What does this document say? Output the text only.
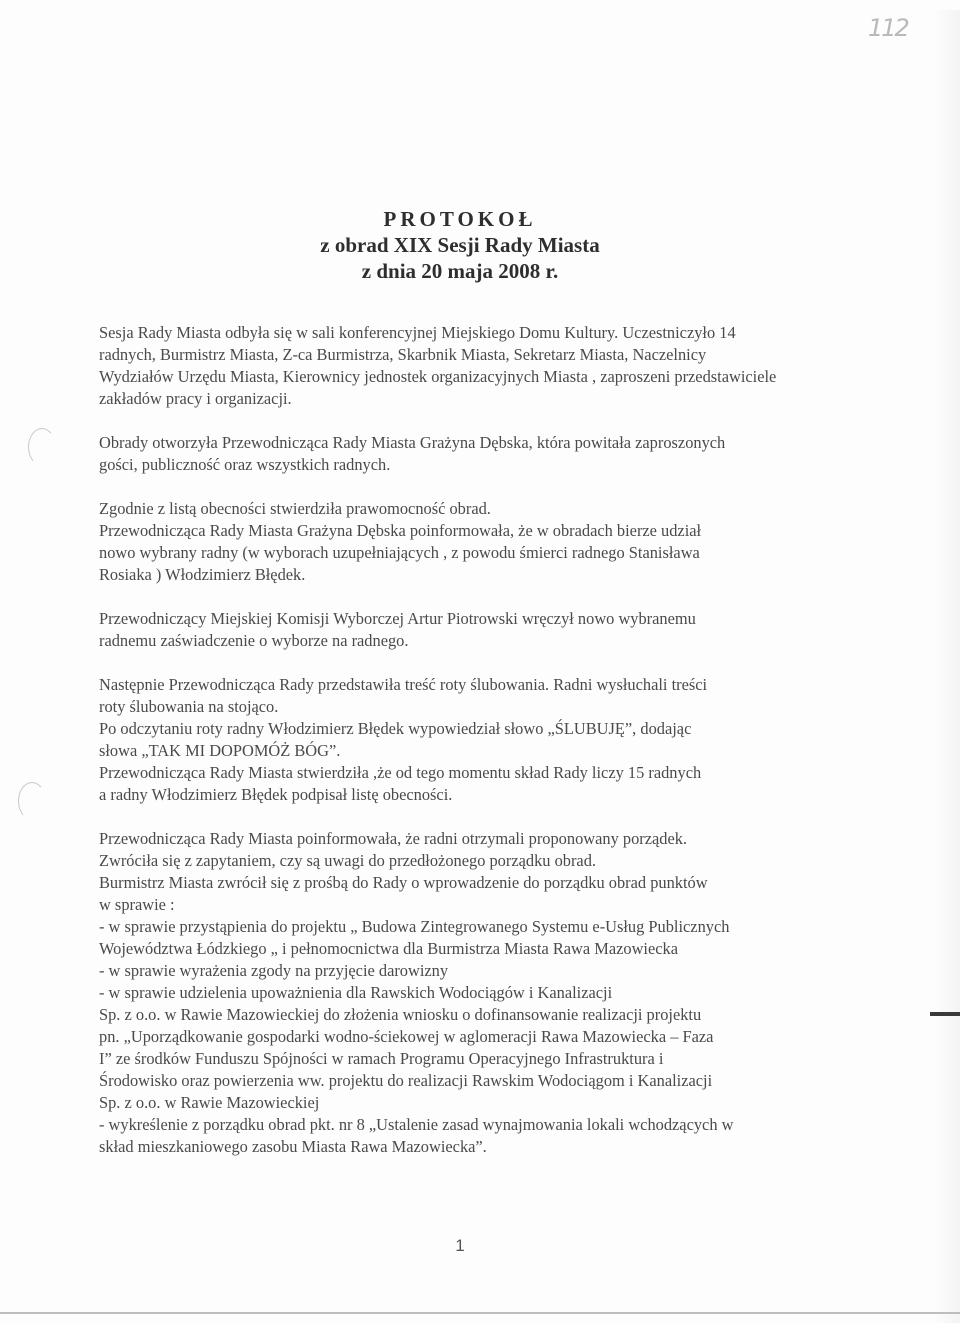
112
PROTOKOŁ
z obrad XIX Sesji Rady Miasta
z dnia 20 maja 2008 r.

Sesja Rady Miasta odbyła się w sali konferencyjnej Miejskiego Domu Kultury. Uczestniczyło 14

radnych, Burmistrz Miasta, Z-ca Burmistrza, Skarbnik Miasta, Sekretarz Miasta, Naczelnicy

Wydziałów Urzędu Miasta, Kierownicy jednostek organizacyjnych Miasta , zaproszeni przedstawiciele

zakładów pracy i organizacji.

Obrady otworzyła Przewodnicząca Rady Miasta Grażyna Dębska, która powitała zaproszonych

gości, publiczność oraz wszystkich radnych.

Zgodnie z listą obecności stwierdziła prawomocność obrad.

Przewodnicząca Rady Miasta Grażyna Dębska poinformowała, że w obradach bierze udział

nowo wybrany radny (w wyborach uzupełniających , z powodu śmierci radnego Stanisława

Rosiaka ) Włodzimierz Błędek.

Przewodniczący Miejskiej Komisji Wyborczej Artur Piotrowski wręczył nowo wybranemu

radnemu zaświadczenie o wyborze na radnego.

Następnie Przewodnicząca Rady przedstawiła treść roty ślubowania. Radni wysłuchali treści

roty ślubowania na stojąco.

Po odczytaniu roty radny Włodzimierz Błędek wypowiedział słowo „ŚLUBUJĘ”, dodając

słowa „TAK MI DOPOMÓŻ BÓG”.

Przewodnicząca Rady Miasta stwierdziła ,że od tego momentu skład Rady liczy 15 radnych

a radny Włodzimierz Błędek podpisał listę obecności.

Przewodnicząca Rady Miasta poinformowała, że radni otrzymali proponowany porządek.

Zwróciła się z zapytaniem, czy są uwagi do przedłożonego porządku obrad.

Burmistrz Miasta zwrócił się z prośbą do Rady o wprowadzenie do porządku obrad punktów

w sprawie :

- w sprawie przystąpienia do projektu „ Budowa Zintegrowanego Systemu e-Usług Publicznych

Województwa Łódzkiego „ i pełnomocnictwa dla Burmistrza Miasta Rawa Mazowiecka

- w sprawie wyrażenia zgody na przyjęcie darowizny

- w sprawie udzielenia upoważnienia dla Rawskich Wodociągów i Kanalizacji

Sp. z o.o. w Rawie Mazowieckiej do złożenia wniosku o dofinansowanie realizacji projektu

pn. „Uporządkowanie gospodarki wodno-ściekowej w aglomeracji Rawa Mazowiecka – Faza

I” ze środków Funduszu Spójności w ramach Programu Operacyjnego Infrastruktura i

Środowisko oraz powierzenia ww. projektu do realizacji Rawskim Wodociągom i Kanalizacji

Sp. z o.o. w Rawie Mazowieckiej

- wykreślenie z porządku obrad pkt. nr 8 „Ustalenie zasad wynajmowania lokali wchodzących w

skład mieszkaniowego zasobu Miasta Rawa Mazowiecka”.

1
